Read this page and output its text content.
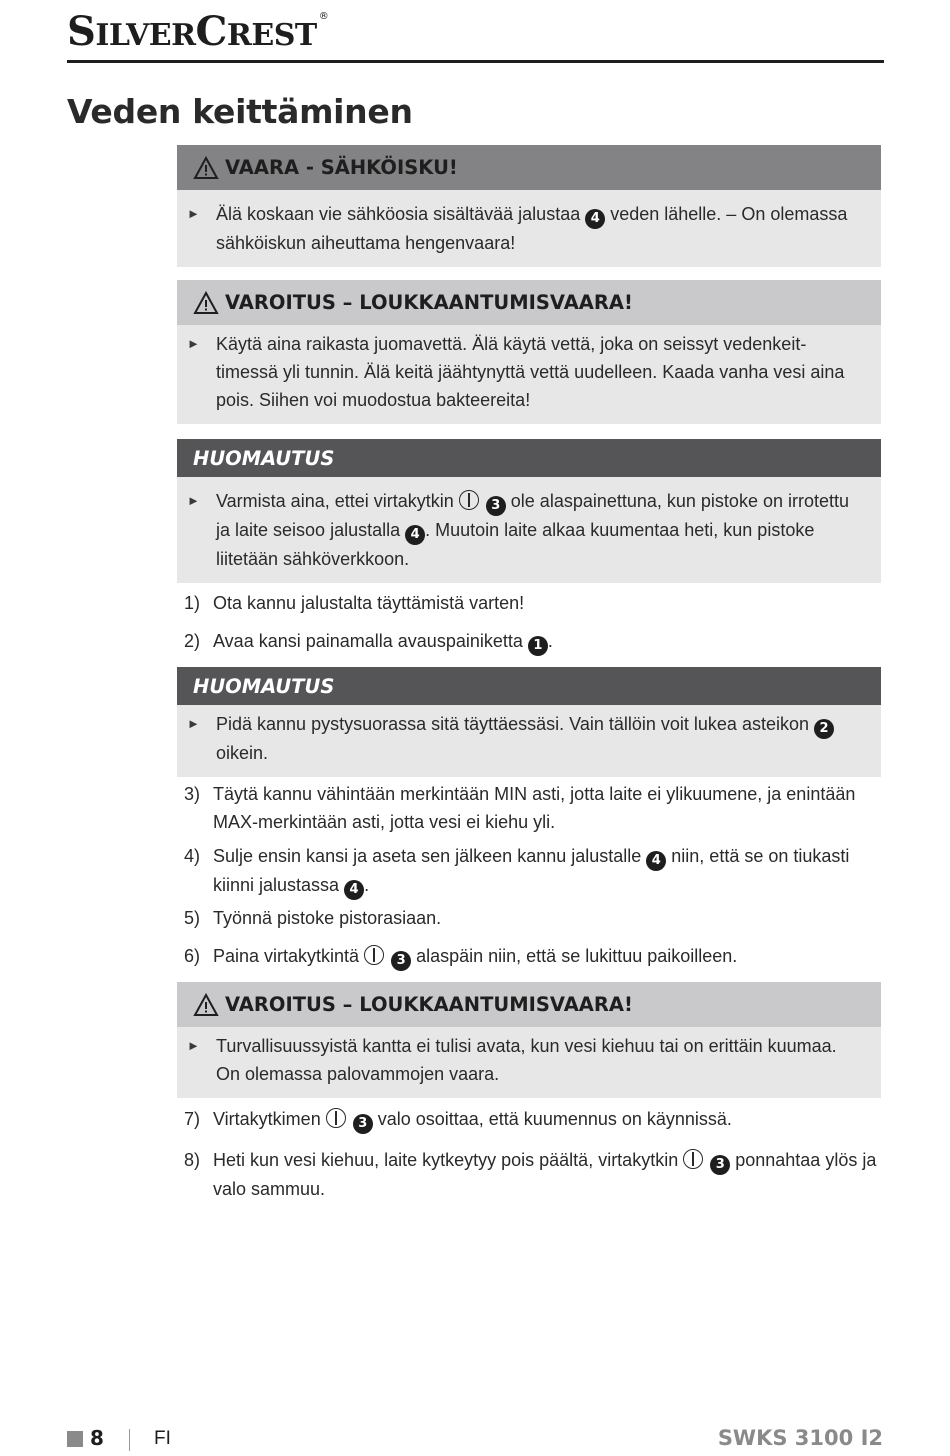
SILVERCREST®
Veden keittäminen
VAARA - SÄHKÖISKU!
► Älä koskaan vie sähköosia sisältävää jalustaa 4 veden lähelle. – On olemassa sähköiskun aiheuttama hengenvaara!
VAROITUS – LOUKKAANTUMISVAARA!
► Käytä aina raikasta juomavettä. Älä käytä vettä, joka on seissyt vedenkeittimessä yli tunnin. Älä keitä jäähtynyttä vettä uudelleen. Kaada vanha vesi aina pois. Siihen voi muodostua bakteereita!
HUOMAUTUS
► Varmista aina, ettei virtakytkin  3 ole alaspainettuna, kun pistoke on irrotettu ja laite seisoo jalustalla 4 . Muutoin laite alkaa kuumentaa heti, kun pistoke liitetään sähköverkkoon.
1) Ota kannu jalustalta täyttämistä varten!
2) Avaa kansi painamalla avauspainiketta 1 .
HUOMAUTUS
► Pidä kannu pystysuorassa sitä täyttäessäsi. Vain tällöin voit lukea asteikon 2 oikein.
3) Täytä kannu vähintään merkintään MIN asti, jotta laite ei ylikuumene, ja enintään MAX-merkintään asti, jotta vesi ei kiehu yli.
4) Sulje ensin kansi ja aseta sen jälkeen kannu jalustalle 4 niin, että se on tiukasti kiinni jalustassa 4 .
5) Työnnä pistoke pistorasiaan.
6) Paina virtakytkintä  3 alaspäin niin, että se lukittuu paikoilleen.
VAROITUS – LOUKKAANTUMISVAARA!
► Turvallisuussyistä kantta ei tulisi avata, kun vesi kiehuu tai on erittäin kuumaa. On olemassa palovammojen vaara.
7) Virtakytkimen  3 valo osoittaa, että kuumennus on käynnissä.
8) Heti kun vesi kiehuu, laite kytkeytyy pois päältä, virtakytkin  3 ponnahtaa ylös ja valo sammuu.
8	FI	SWKS 3100 I2
